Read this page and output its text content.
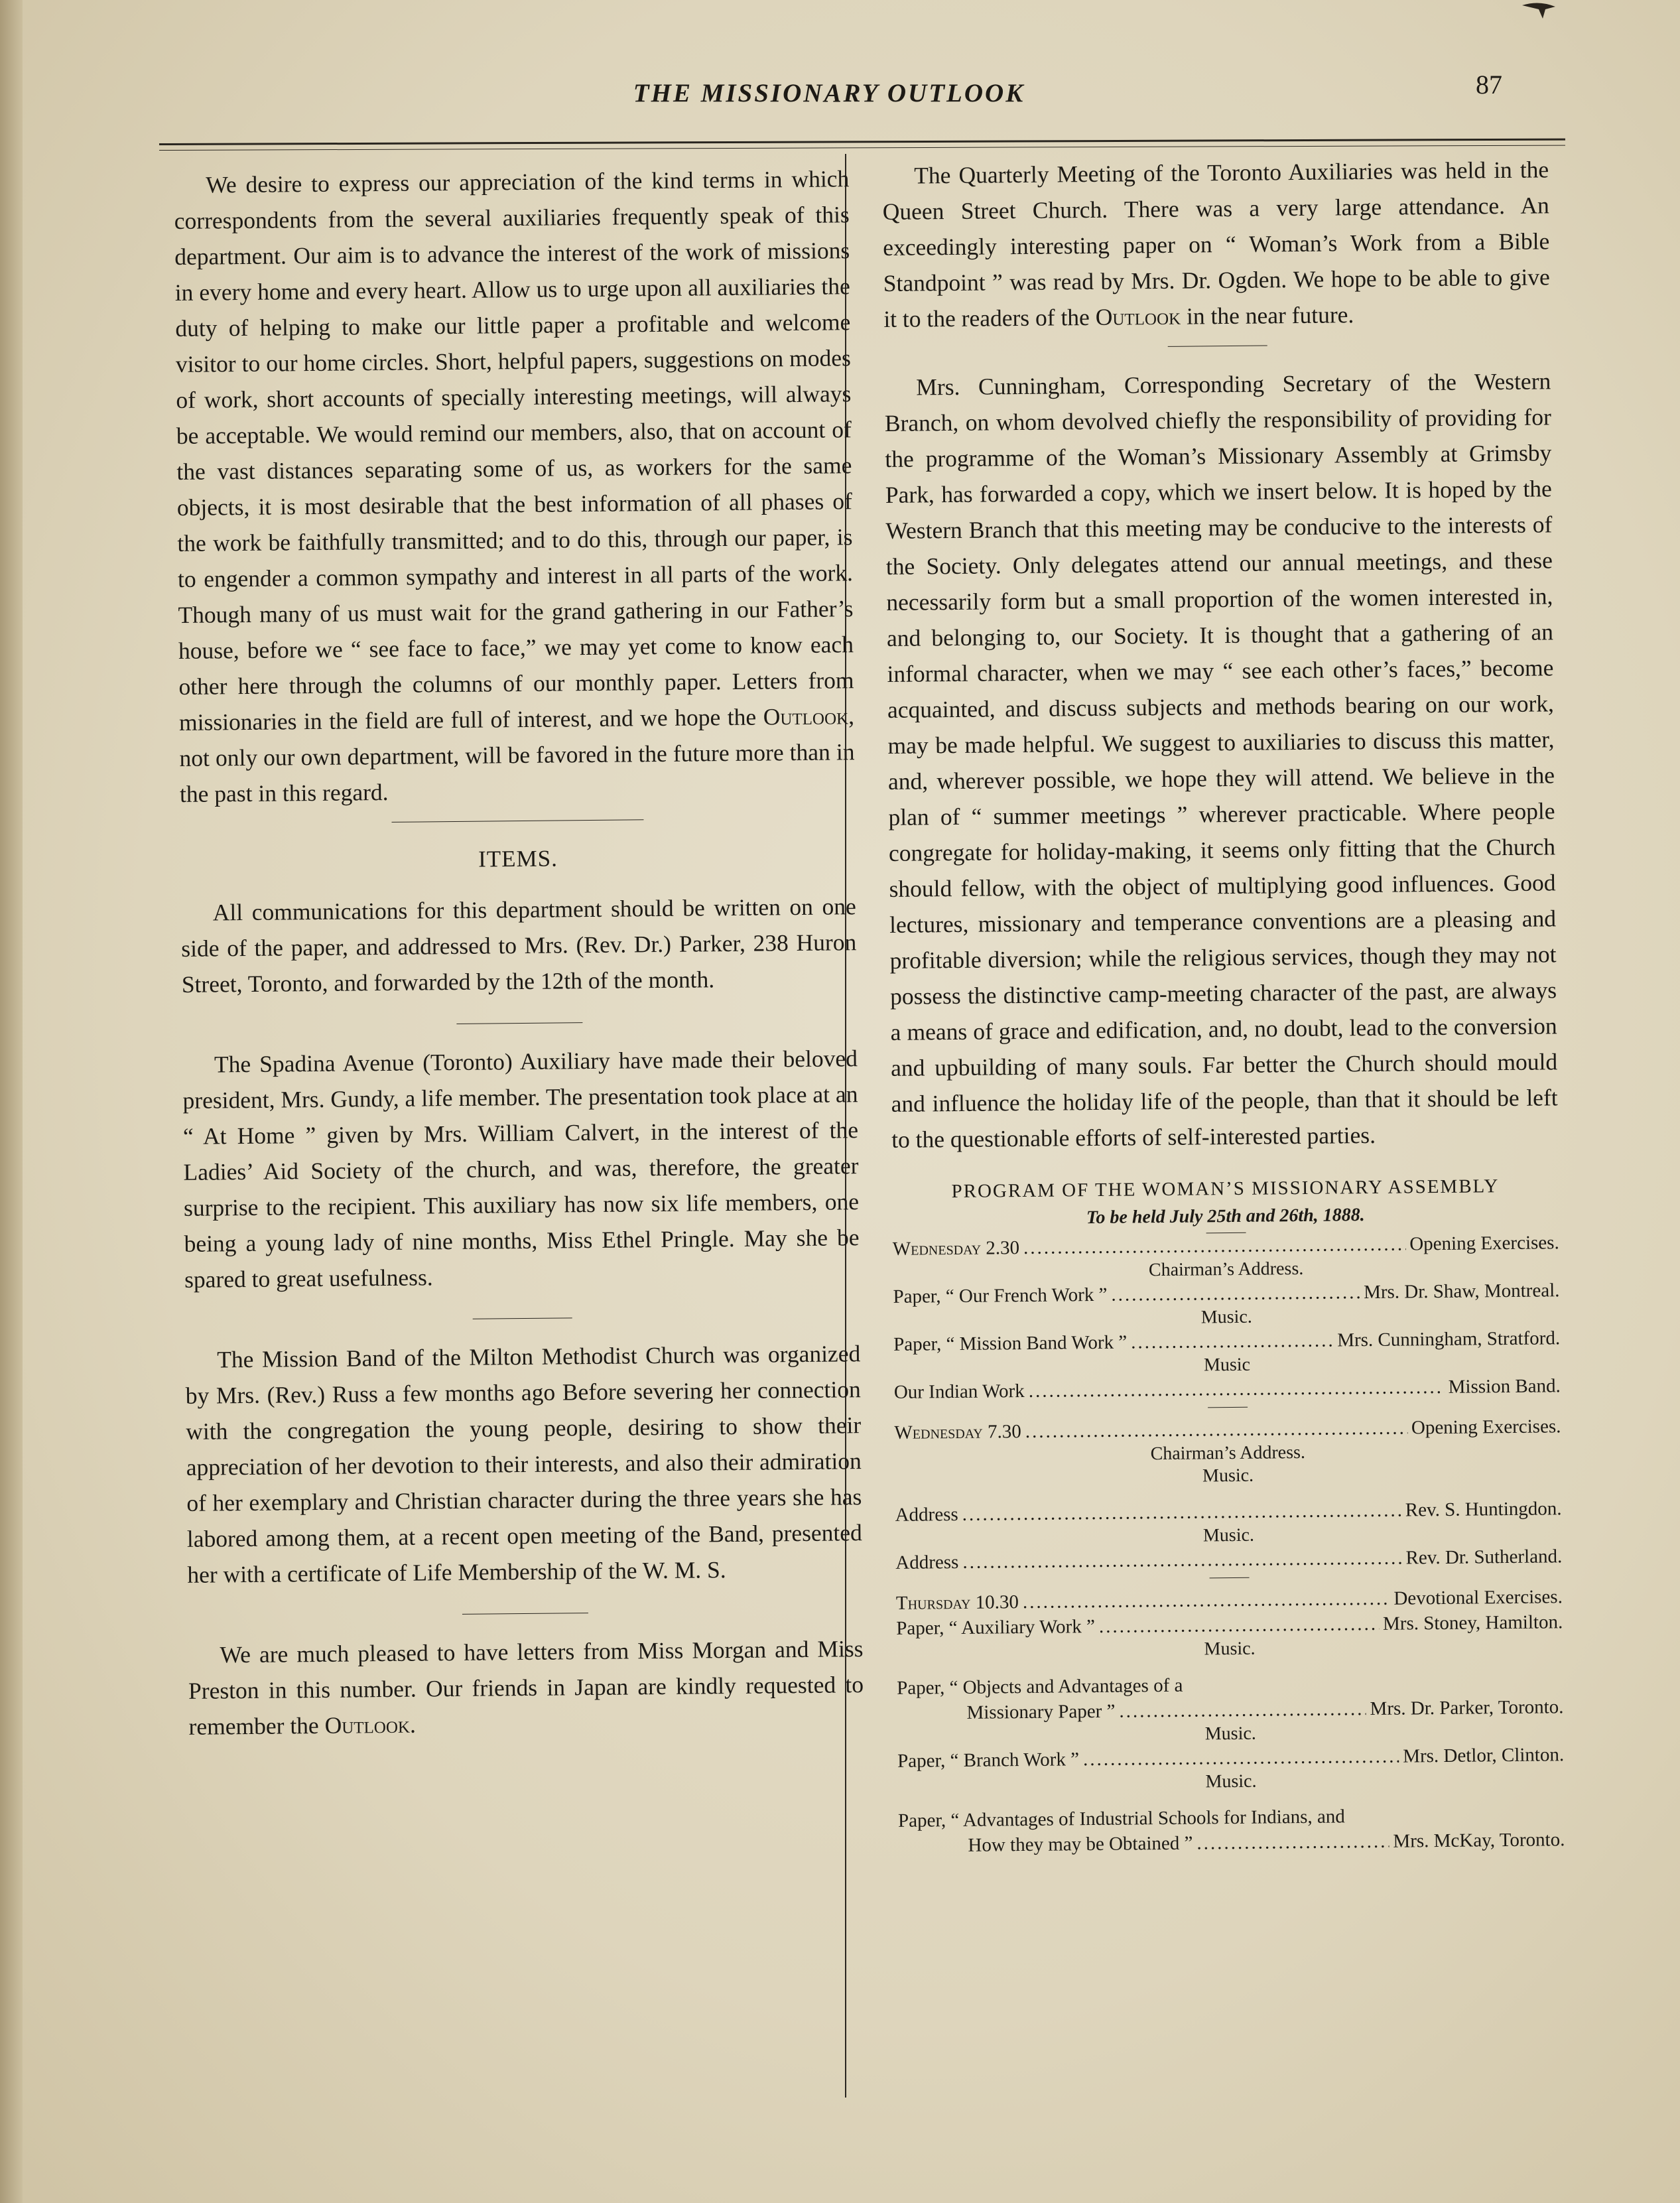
THE MISSIONARY OUTLOOK	87

We desire to express our appreciation of the kind terms in which correspondents from the several auxiliaries frequently speak of this department. Our aim is to advance the interest of the work of missions in every home and every heart. Allow us to urge upon all auxiliaries the duty of helping to make our little paper a profitable and welcome visitor to our home circles. Short, helpful papers, suggestions on modes of work, short accounts of specially interesting meetings, will always be acceptable. We would remind our members, also, that on account of the vast distances separating some of us, as workers for the same objects, it is most desirable that the best information of all phases of the work be faithfully transmitted; and to do this, through our paper, is to engender a common sympathy and interest in all parts of the work. Though many of us must wait for the grand gathering in our Father’s house, before we “ see face to face,” we may yet come to know each other here through the columns of our monthly paper. Letters from missionaries in the field are full of interest, and we hope the Outlook, not only our own department, will be favored in the future more than in the past in this regard.

ITEMS.

All communications for this department should be written on one side of the paper, and addressed to Mrs. (Rev. Dr.) Parker, 238 Huron Street, Toronto, and forwarded by the 12th of the month.

The Spadina Avenue (Toronto) Auxiliary have made their beloved president, Mrs. Gundy, a life member. The presentation took place at an “ At Home ” given by Mrs. William Calvert, in the interest of the Ladies’ Aid Society of the church, and was, therefore, the greater surprise to the recipient. This auxiliary has now six life members, one being a young lady of nine months, Miss Ethel Pringle. May she be spared to great usefulness.

The Mission Band of the Milton Methodist Church was organized by Mrs. (Rev.) Russ a few months ago Before severing her connection with the congregation the young people, desiring to show their appreciation of her devotion to their interests, and also their admiration of her exemplary and Christian character during the three years she has labored among them, at a recent open meeting of the Band, presented her with a certificate of Life Membership of the W. M. S.

We are much pleased to have letters from Miss Morgan and Miss Preston in this number. Our friends in Japan are kindly requested to remember the Outlook.

The Quarterly Meeting of the Toronto Auxiliaries was held in the Queen Street Church. There was a very large attendance. An exceedingly interesting paper on “ Woman’s Work from a Bible Standpoint ” was read by Mrs. Dr. Ogden. We hope to be able to give it to the readers of the Outlook in the near future.

Mrs. Cunningham, Corresponding Secretary of the Western Branch, on whom devolved chiefly the responsibility of providing for the programme of the Woman’s Missionary Assembly at Grimsby Park, has forwarded a copy, which we insert below. It is hoped by the Western Branch that this meeting may be conducive to the interests of the Society. Only delegates attend our annual meetings, and these necessarily form but a small proportion of the women interested in, and belonging to, our Society. It is thought that a gathering of an informal character, when we may “ see each other’s faces,” become acquainted, and discuss subjects and methods bearing on our work, may be made helpful. We suggest to auxiliaries to discuss this matter, and, wherever possible, we hope they will attend. We believe in the plan of “ summer meetings ” wherever practicable. Where people congregate for holiday-making, it seems only fitting that the Church should fellow, with the object of multiplying good influences. Good lectures, missionary and temperance conventions are a pleasing and profitable diversion; while the religious services, though they may not possess the distinctive camp-meeting character of the past, are always a means of grace and edification, and, no doubt, lead to the conversion and upbuilding of many souls. Far better the Church should mould and influence the holiday life of the people, than that it should be left to the questionable efforts of self-interested parties.

PROGRAM OF THE WOMAN’S MISSIONARY ASSEMBLY
To be held July 25th and 26th, 1888.
Wednesday 2.30 .....	Opening Exercises.
Chairman’s Address.
Paper, “ Our French Work ” .....	Mrs. Dr. Shaw, Montreal.
Music.
Paper, “ Mission Band Work ” .....	Mrs. Cunningham, Stratford.
Music
Our Indian Work .....	Mission Band.
Wednesday 7.30 .....	Opening Exercises.
Chairman’s Address.
Music.
Address .....	Rev. S. Huntingdon.
Music.
Address .....	Rev. Dr. Sutherland.
Thursday 10.30 .....	Devotional Exercises.
Paper, “ Auxiliary Work ” .....	Mrs. Stoney, Hamilton.
Music.
Paper, “ Objects and Advantages of a
Missionary Paper ” .....	Mrs. Dr. Parker, Toronto.
Music.
Paper, “ Branch Work ” .....	Mrs. Detlor, Clinton.
Music.
Paper, “ Advantages of Industrial Schools for Indians, and
How they may be Obtained ” .....	Mrs. McKay, Toronto.
